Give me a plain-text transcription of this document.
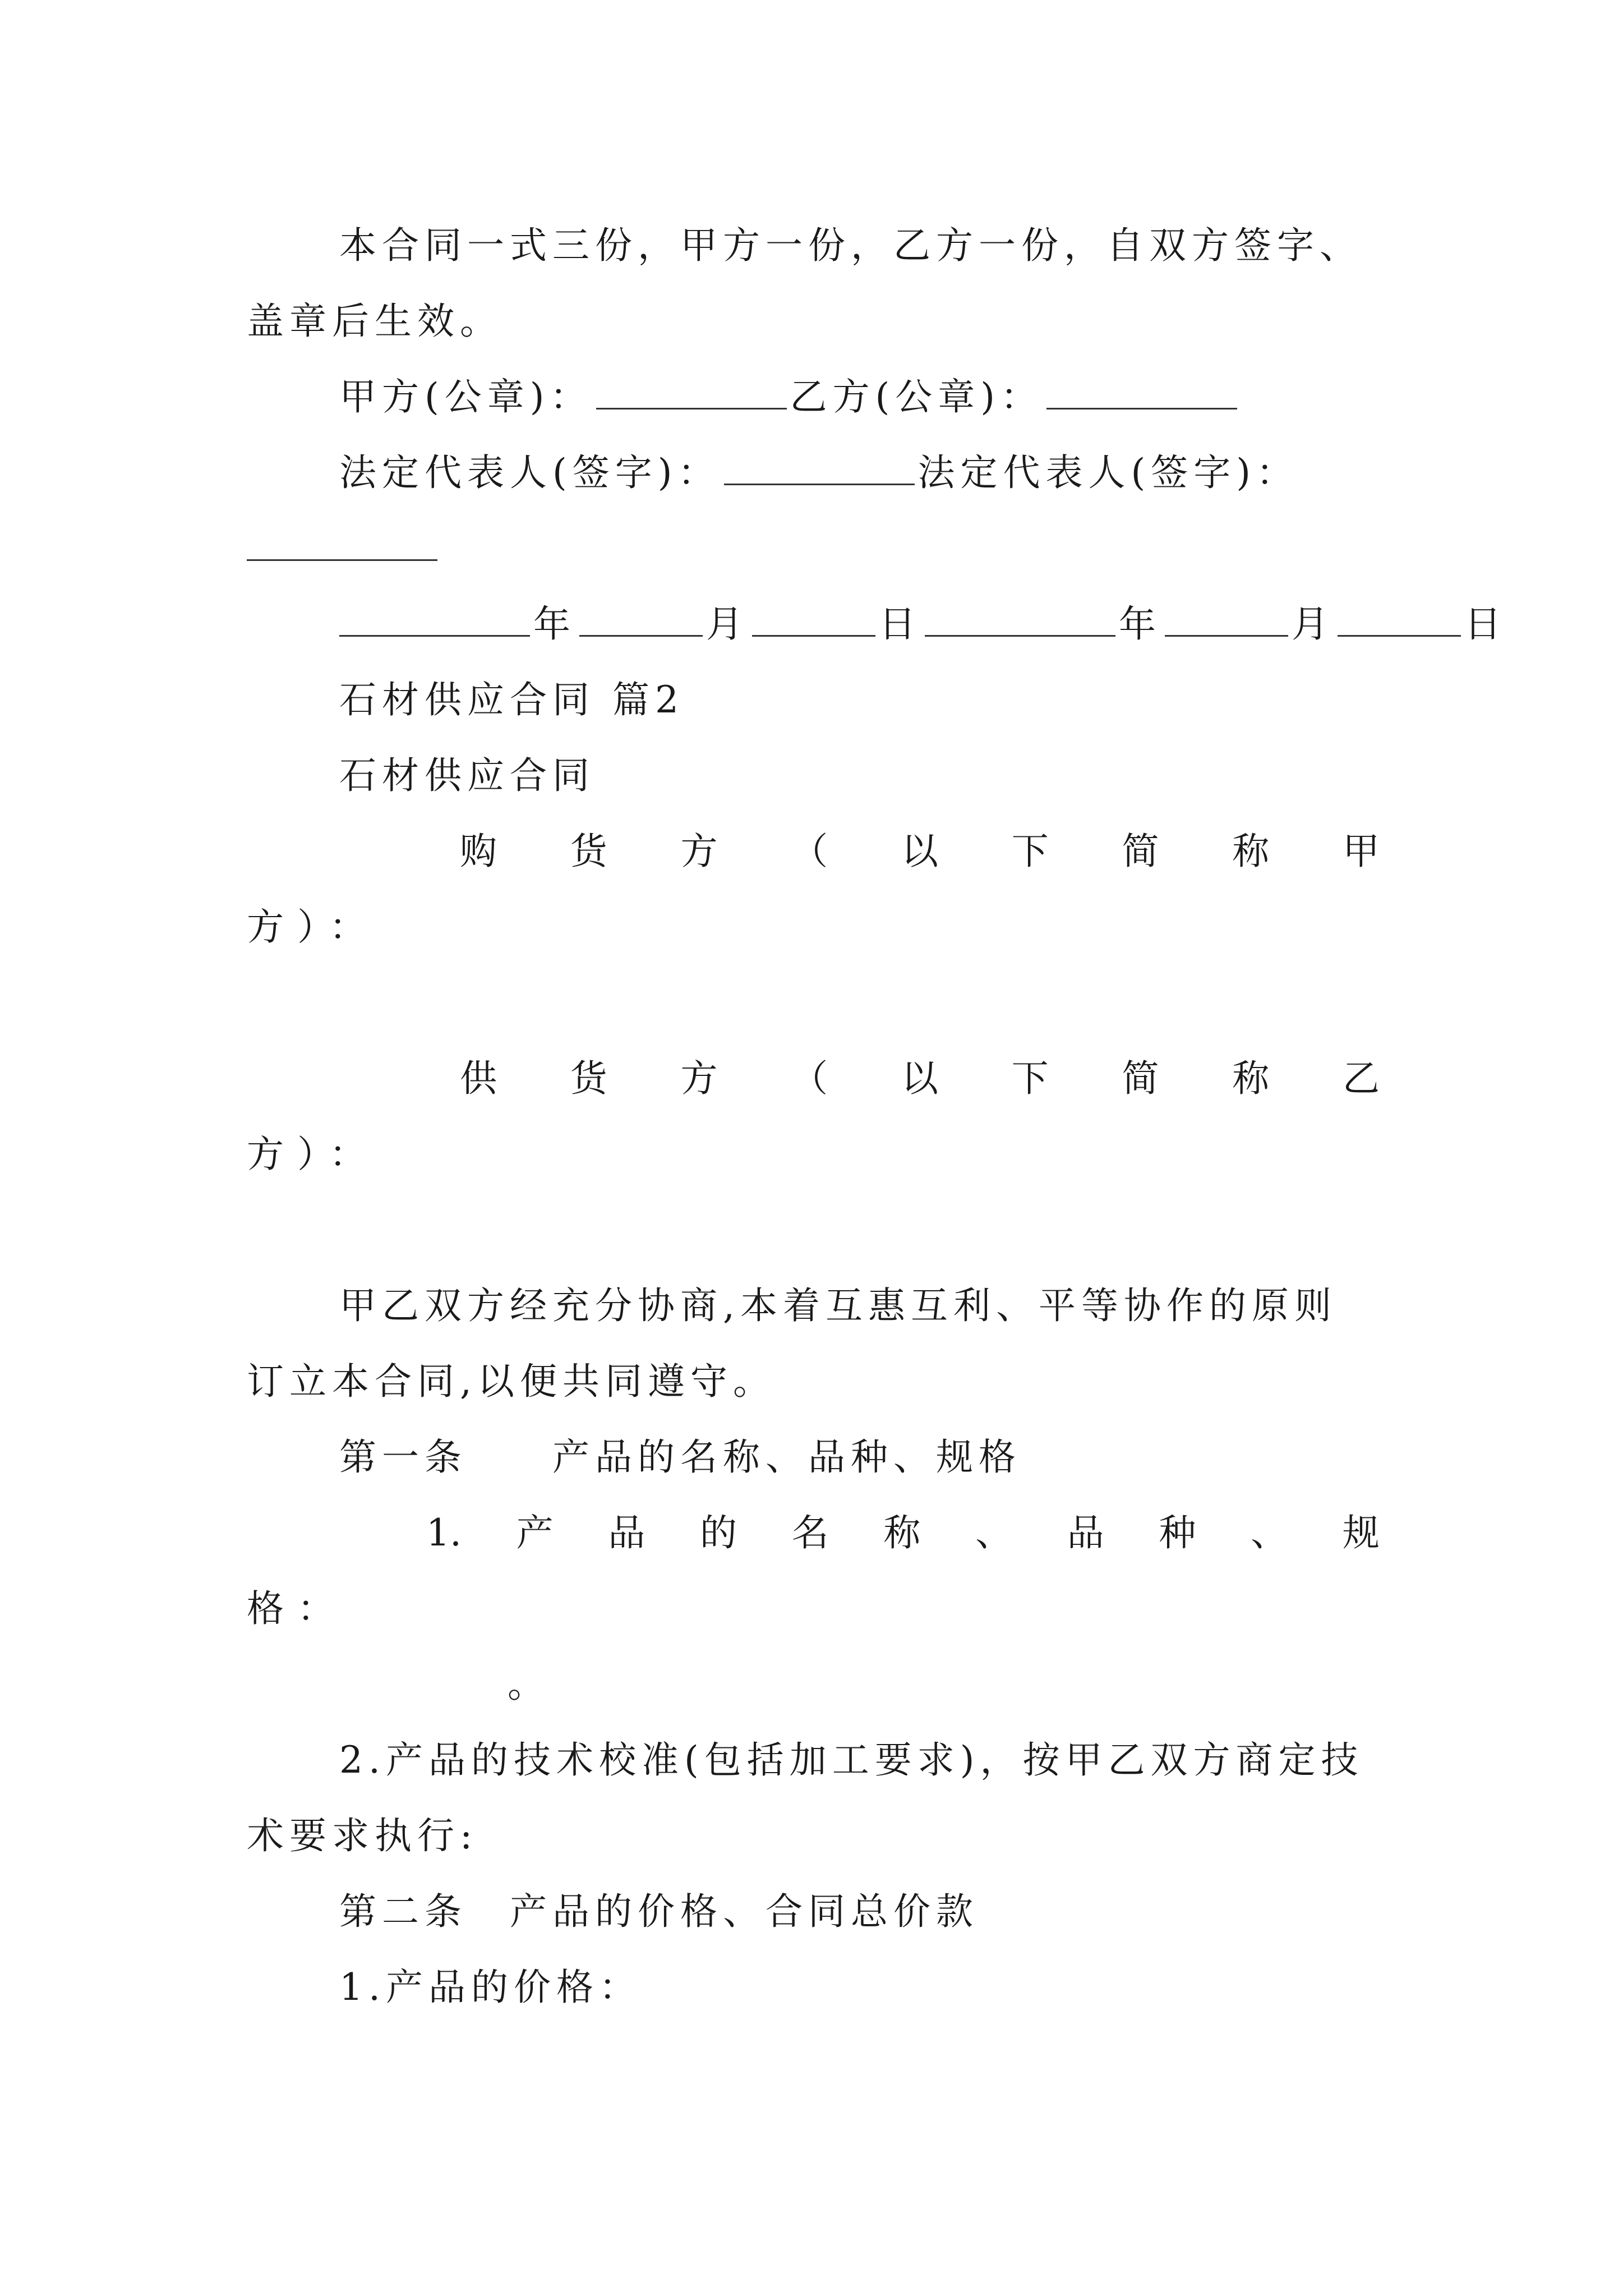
本合同一式三份，甲方一份，乙方一份，自双方签字、
盖章后生效。
甲方(公章)：	乙方(公章)：
法定代表人(签字)：	法定代表人(签字)：
年	月	日	年	月	日
石材供应合同 篇2
石材供应合同
购 货 方 （ 以 下 简 称 甲
方）：
供 货 方 （ 以 下 简 称 乙
方）：
甲乙双方经充分协商,本着互惠互利、平等协作的原则
订立本合同,以便共同遵守。
第一条　　产品的名称、品种、规格
1. 产 品 的 名 称 、 品 种 、 规
格：
。
2.产品的技术校准(包括加工要求)，按甲乙双方商定技
术要求执行:
第二条　产品的价格、合同总价款
1.产品的价格：
